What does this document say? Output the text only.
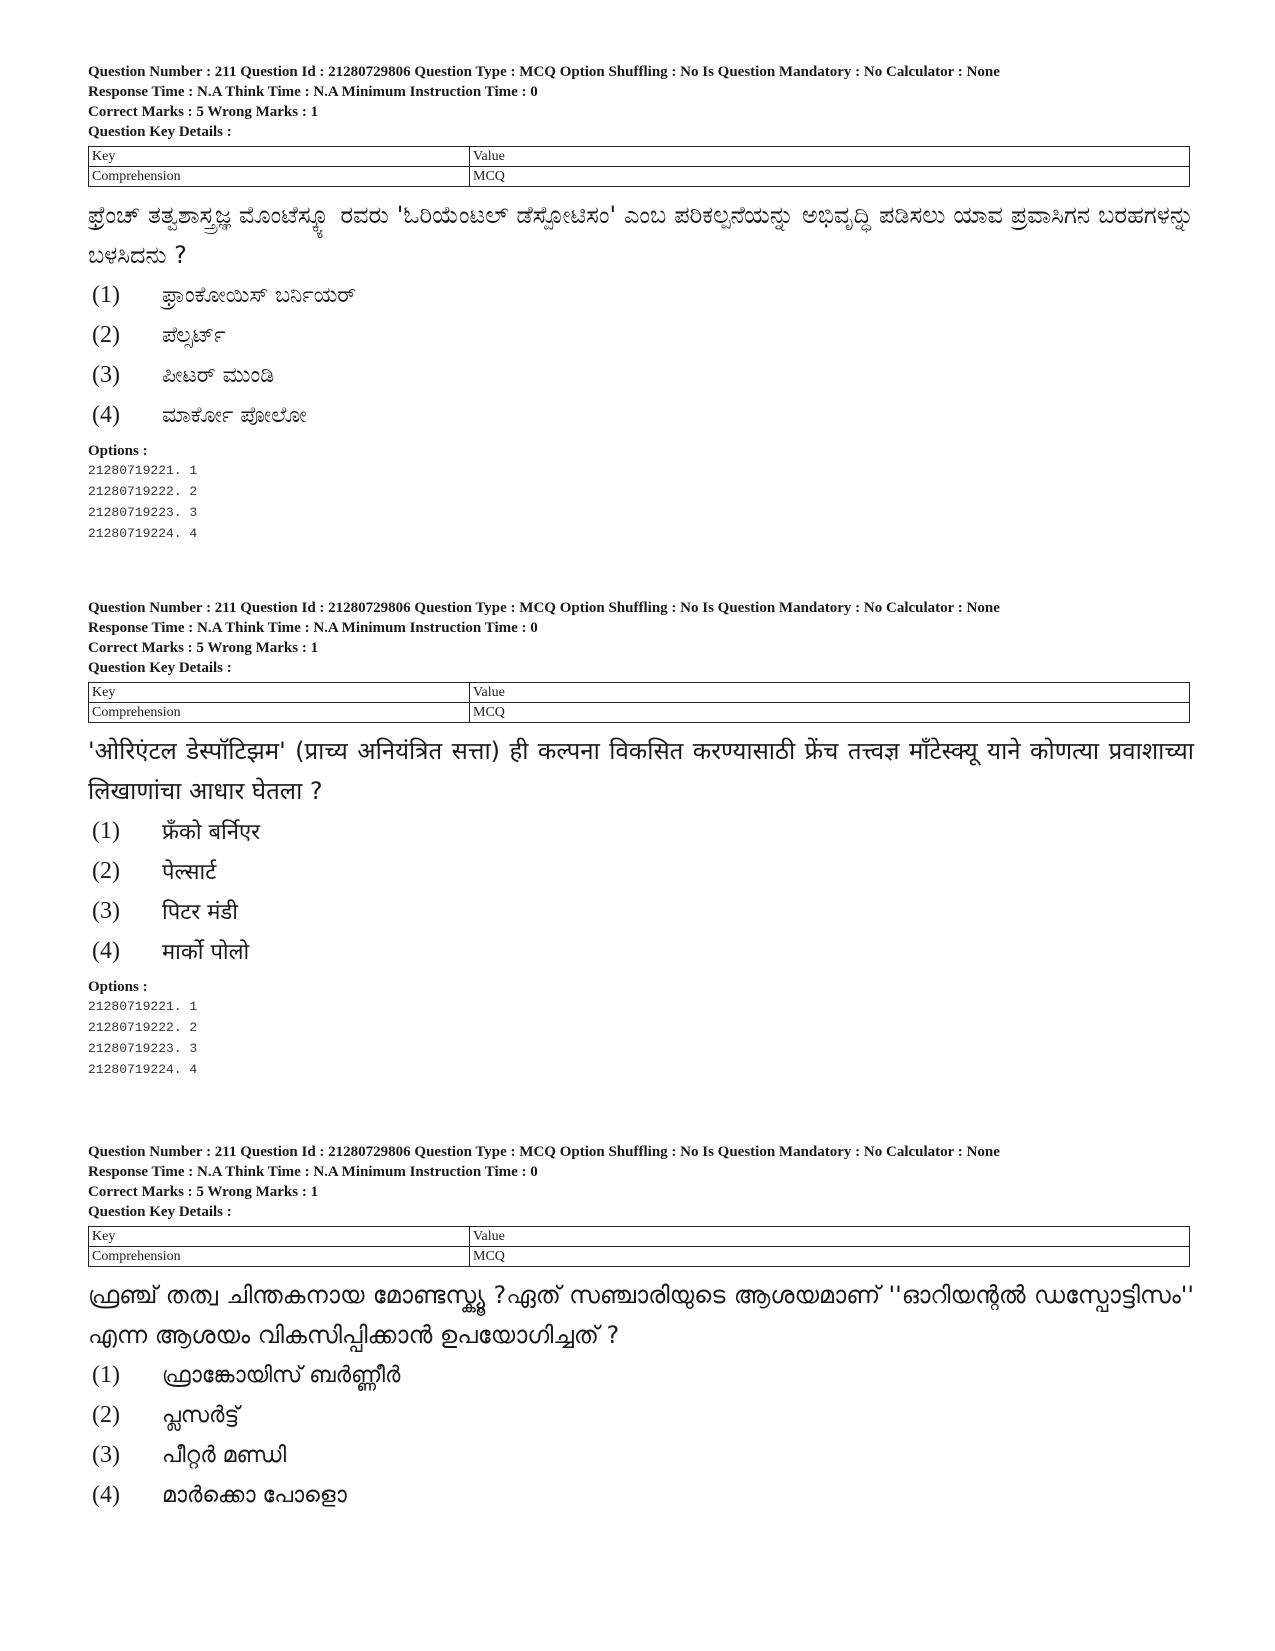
Question Number : 211 Question Id : 21280729806 Question Type : MCQ Option Shuffling : No Is Question Mandatory : No Calculator : None
Response Time : N.A Think Time : N.A Minimum Instruction Time : 0
Correct Marks : 5 Wrong Marks : 1
Question Key Details :
Key	Value
Comprehension	MCQ
ಫ್ರೆಂಚ್ ತತ್ವಶಾಸ್ತ್ರಜ್ಞ ಮೊಂಟೆಸ್ಕ್ಯೂ ರವರು 'ಓರಿಯೆಂಟಲ್ ಡೆಸ್ಪೋಟಿಸಂ' ಎಂಬ ಪರಿಕಲ್ಪನೆಯನ್ನು ಅಭಿವೃದ್ಧಿ ಪಡಿಸಲು ಯಾವ ಪ್ರವಾಸಿಗನ ಬರಹಗಳನ್ನು ಬಳಸಿದನು ?
(1)	ಫ್ರಾಂಕೋಯಿಸ್ ಬರ್ನಿಯರ್
(2)	ಪೆಲ್ಸರ್ಟ್
(3)	ಪೀಟರ್ ಮುಂಡಿ
(4)	ಮಾರ್ಕೋ ಪೋಲೋ
Options :
21280719221. 1
21280719222. 2
21280719223. 3
21280719224. 4
Question Number : 211 Question Id : 21280729806 Question Type : MCQ Option Shuffling : No Is Question Mandatory : No Calculator : None
Response Time : N.A Think Time : N.A Minimum Instruction Time : 0
Correct Marks : 5 Wrong Marks : 1
Question Key Details :
Key	Value
Comprehension	MCQ
'ओरिएंटल डेस्पॉटिझम' (प्राच्य अनियंत्रित सत्ता) ही कल्पना विकसित करण्यासाठी फ्रेंच तत्त्वज्ञ मॉंटेस्क्यू याने कोणत्या प्रवाशाच्या लिखाणांचा आधार घेतला ?
(1)	फ्रँको बर्निएर
(2)	पेल्सार्ट
(3)	पिटर मंडी
(4)	मार्को पोलो
Options :
21280719221. 1
21280719222. 2
21280719223. 3
21280719224. 4
Question Number : 211 Question Id : 21280729806 Question Type : MCQ Option Shuffling : No Is Question Mandatory : No Calculator : None
Response Time : N.A Think Time : N.A Minimum Instruction Time : 0
Correct Marks : 5 Wrong Marks : 1
Question Key Details :
Key	Value
Comprehension	MCQ
ഫ്രഞ്ച് തത്വ ചിന്തകനായ മോണ്ടസ്ക്യൂ ?ഏത് സഞ്ചാരിയുടെ ആശയമാണ് ''ഓറിയന്റൽ ഡസ്പോട്ടിസം'' എന്ന ആശയം വികസിപ്പിക്കാൻ ഉപയോഗിച്ചത് ?
(1)	ഫ്രാങ്കോയിസ് ബർണ്ണീർ
(2)	പ്ലസർട്ട്
(3)	പീറ്റർ മണ്ഡി
(4)	മാർക്കൊ പോളൊ
